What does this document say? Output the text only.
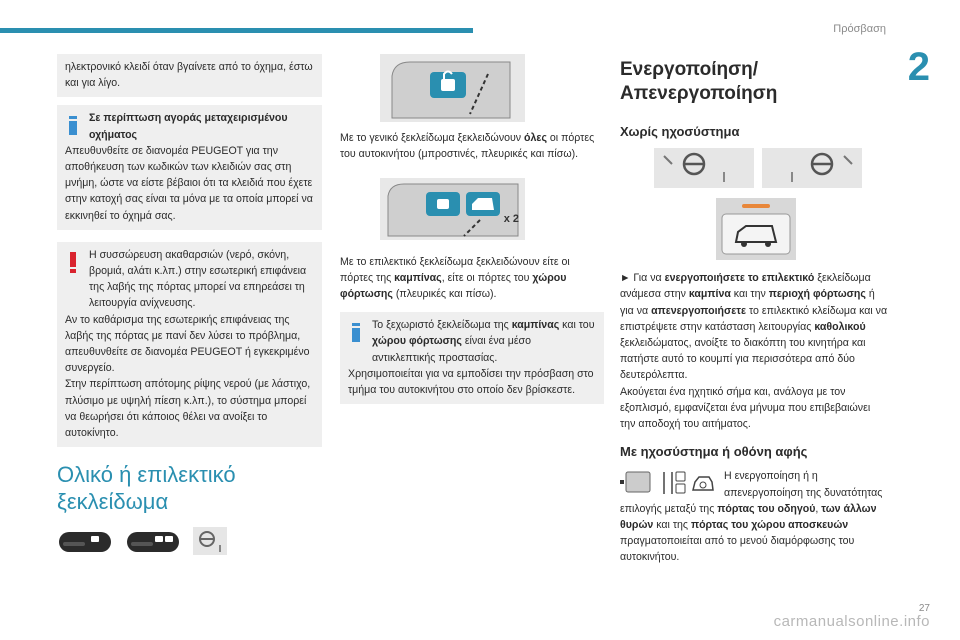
Πρόσβαση
2
ηλεκτρονικό κλειδί όταν βγαίνετε από το όχημα, έστω και για λίγο.
Σε περίπτωση αγοράς μεταχειρισμένου οχήματος
Απευθυνθείτε σε διανομέα PEUGEOT για την αποθήκευση των κωδικών των κλειδιών σας στη μνήμη, ώστε να είστε βέβαιοι ότι τα κλειδιά που έχετε στην κατοχή σας είναι τα μόνα με τα οποία μπορεί να εκκινηθεί το όχημά σας.
Η συσσώρευση ακαθαρσιών (νερό, σκόνη, βρομιά, αλάτι κ.λπ.) στην εσωτερική επιφάνεια της λαβής της πόρτας μπορεί να επηρεάσει τη λειτουργία ανίχνευσης.
Αν το καθάρισμα της εσωτερικής επιφάνειας της λαβής της πόρτας με πανί δεν λύσει το πρόβλημα, απευθυνθείτε σε διανομέα PEUGEOT ή εγκεκριμένο συνεργείο.
Στην περίπτωση απότομης ρίψης νερού (με λάστιχο, πλύσιμο με υψηλή πίεση κ.λπ.), το σύστημα μπορεί να θεωρήσει ότι κάποιος θέλει να ανοίξει το αυτοκίνητο.
Ολικό ή επιλεκτικό ξεκλείδωμα
Με το γενικό ξεκλείδωμα ξεκλειδώνουν όλες οι πόρτες του αυτοκινήτου (μπροστινές, πλευρικές και πίσω).
x 2
Με το επιλεκτικό ξεκλείδωμα ξεκλειδώνουν είτε οι πόρτες της καμπίνας, είτε οι πόρτες του χώρου φόρτωσης (πλευρικές και πίσω).
Το ξεχωριστό ξεκλείδωμα της καμπίνας και του χώρου φόρτωσης είναι ένα μέσο αντικλεπτικής προστασίας.
Χρησιμοποιείται για να εμποδίσει την πρόσβαση στο τμήμα του αυτοκινήτου στο οποίο δεν βρίσκεστε.
Ενεργοποίηση/
Απενεργοποίηση
Χωρίς ηχοσύστημα
► Για να ενεργοποιήσετε το επιλεκτικό ξεκλείδωμα ανάμεσα στην καμπίνα και την περιοχή φόρτωσης ή για να απενεργοποιήσετε το επιλεκτικό κλείδωμα και να επιστρέψετε στην κατάσταση λειτουργίας καθολικού ξεκλειδώματος, ανοίξτε το διακόπτη του κινητήρα και πατήστε αυτό το κουμπί για περισσότερα από δύο δευτερόλεπτα.
Ακούγεται ένα ηχητικό σήμα και, ανάλογα με τον εξοπλισμό, εμφανίζεται ένα μήνυμα που επιβεβαιώνει την αποδοχή του αιτήματος.
Με ηχοσύστημα ή οθόνη αφής
Η ενεργοποίηση ή η απενεργοποίηση της δυνατότητας επιλογής μεταξύ της πόρτας του οδηγού, των άλλων θυρών και της πόρτας του χώρου αποσκευών πραγματοποιείται από το μενού διαμόρφωσης του αυτοκινήτου.
27
carmanualsonline.info
